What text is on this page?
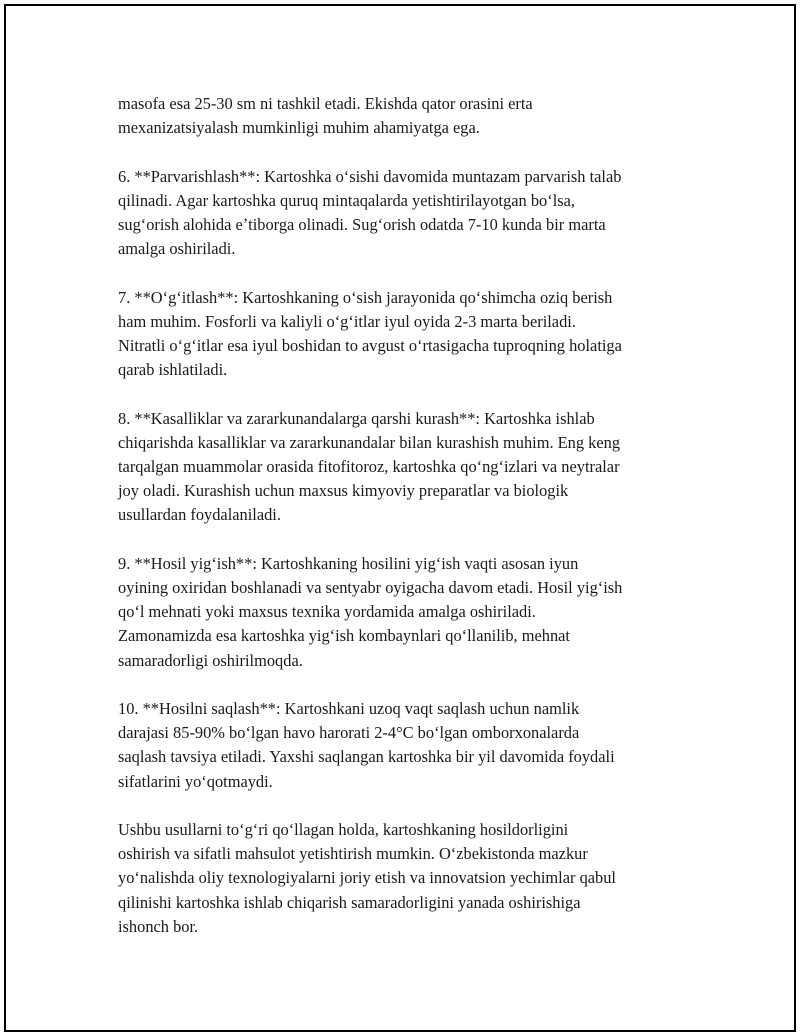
masofa esa 25-30 sm ni tashkil etadi. Ekishda qator orasini erta
mexanizatsiyalash mumkinligi muhim ahamiyatga ega.

6. **Parvarishlash**: Kartoshka oʻsishi davomida muntazam parvarish talab
qilinadi. Agar kartoshka quruq mintaqalarda yetishtirilayotgan boʻlsa,
sugʻorish alohida eʼtiborga olinadi. Sugʻorish odatda 7-10 kunda bir marta
amalga oshiriladi.

7. **Oʻgʻitlash**: Kartoshkaning oʻsish jarayonida qoʻshimcha oziq berish
ham muhim. Fosforli va kaliyli oʻgʻitlar iyul oyida 2-3 marta beriladi.
Nitratli oʻgʻitlar esa iyul boshidan to avgust oʻrtasigacha tuproqning holatiga
qarab ishlatiladi.

8. **Kasalliklar va zararkunandalarga qarshi kurash**: Kartoshka ishlab
chiqarishda kasalliklar va zararkunandalar bilan kurashish muhim. Eng keng
tarqalgan muammolar orasida fitofitoroz, kartoshka qoʻngʻizlari va neytralar
joy oladi. Kurashish uchun maxsus kimyoviy preparatlar va biologik
usullardan foydalaniladi.

9. **Hosil yigʻish**: Kartoshkaning hosilini yigʻish vaqti asosan iyun
oyining oxiridan boshlanadi va sentyabr oyigacha davom etadi. Hosil yigʻish
qoʻl mehnati yoki maxsus texnika yordamida amalga oshiriladi.
Zamonamizda esa kartoshka yigʻish kombaynlari qoʻllanilib, mehnat
samaradorligi oshirilmoqda.

10. **Hosilni saqlash**: Kartoshkani uzoq vaqt saqlash uchun namlik
darajasi 85-90% boʻlgan havo harorati 2-4°C boʻlgan omborxonalarda
saqlash tavsiya etiladi. Yaxshi saqlangan kartoshka bir yil davomida foydali
sifatlarini yoʻqotmaydi.

Ushbu usullarni toʻgʻri qoʻllagan holda, kartoshkaning hosildorligini
oshirish va sifatli mahsulot yetishtirish mumkin. Oʻzbekistonda mazkur
yoʻnalishda oliy texnologiyalarni joriy etish va innovatsion yechimlar qabul
qilinishi kartoshka ishlab chiqarish samaradorligini yanada oshirishiga
ishonch bor.
